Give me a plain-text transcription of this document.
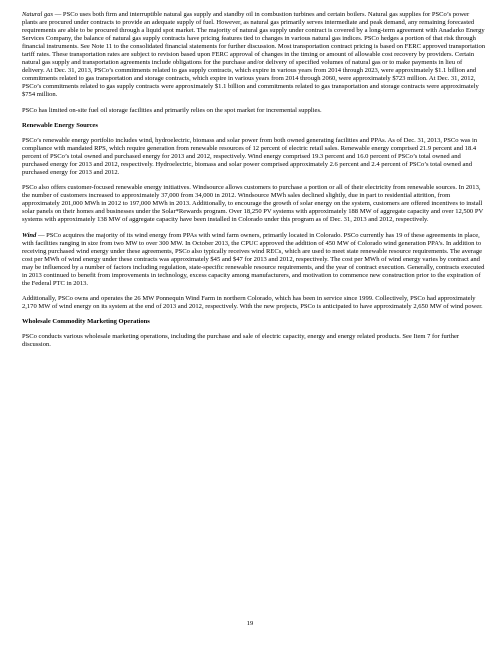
Natural gas — PSCo uses both firm and interruptible natural gas supply and standby oil in combustion turbines and certain boilers. Natural gas supplies for PSCo’s power plants are procured under contracts to provide an adequate supply of fuel. However, as natural gas primarily serves intermediate and peak demand, any remaining forecasted requirements are able to be procured through a liquid spot market. The majority of natural gas supply under contract is covered by a long-term agreement with Anadarko Energy Services Company, the balance of natural gas supply contracts have pricing features tied to changes in various natural gas indices. PSCo hedges a portion of that risk through financial instruments. See Note 11 to the consolidated financial statements for further discussion. Most transportation contract pricing is based on FERC approved transportation tariff rates. These transportation rates are subject to revision based upon FERC approval of changes in the timing or amount of allowable cost recovery by providers. Certain natural gas supply and transportation agreements include obligations for the purchase and/or delivery of specified volumes of natural gas or to make payments in lieu of delivery. At Dec. 31, 2013, PSCo’s commitments related to gas supply contracts, which expire in various years from 2014 through 2023, were approximately $1.1 billion and commitments related to gas transportation and storage contracts, which expire in various years from 2014 through 2060, were approximately $723 million. At Dec. 31, 2012, PSCo’s commitments related to gas supply contracts were approximately $1.1 billion and commitments related to gas transportation and storage contracts were approximately $754 million.

PSCo has limited on-site fuel oil storage facilities and primarily relies on the spot market for incremental supplies.

Renewable Energy Sources

PSCo’s renewable energy portfolio includes wind, hydroelectric, biomass and solar power from both owned generating facilities and PPAs. As of Dec. 31, 2013, PSCo was in compliance with mandated RPS, which require generation from renewable resources of 12 percent of electric retail sales. Renewable energy comprised 21.9 percent and 18.4 percent of PSCo’s total owned and purchased energy for 2013 and 2012, respectively. Wind energy comprised 19.3 percent and 16.0 percent of PSCo’s total owned and purchased energy for 2013 and 2012, respectively. Hydroelectric, biomass and solar power comprised approximately 2.6 percent and 2.4 percent of PSCo’s total owned and purchased energy for 2013 and 2012.

PSCo also offers customer-focused renewable energy initiatives. Windsource allows customers to purchase a portion or all of their electricity from renewable sources. In 2013, the number of customers increased to approximately 37,000 from 34,000 in 2012. Windsource MWh sales declined slightly, due in part to residential attrition, from approximately 201,000 MWh in 2012 to 197,000 MWh in 2013. Additionally, to encourage the growth of solar energy on the system, customers are offered incentives to install solar panels on their homes and businesses under the Solar*Rewards program. Over 18,250 PV systems with approximately 188 MW of aggregate capacity and over 12,500 PV systems with approximately 138 MW of aggregate capacity have been installed in Colorado under this program as of Dec. 31, 2013 and 2012, respectively.

Wind — PSCo acquires the majority of its wind energy from PPAs with wind farm owners, primarily located in Colorado. PSCo currently has 19 of these agreements in place, with facilities ranging in size from two MW to over 300 MW. In October 2013, the CPUC approved the addition of 450 MW of Colorado wind generation PPA’s. In addition to receiving purchased wind energy under these agreements, PSCo also typically receives wind RECs, which are used to meet state renewable resource requirements. The average cost per MWh of wind energy under these contracts was approximately $45 and $47 for 2013 and 2012, respectively. The cost per MWh of wind energy varies by contract and may be influenced by a number of factors including regulation, state-specific renewable resource requirements, and the year of contract execution. Generally, contracts executed in 2013 continued to benefit from improvements in technology, excess capacity among manufacturers, and motivation to commence new construction prior to the expiration of the Federal PTC in 2013.

Additionally, PSCo owns and operates the 26 MW Ponnequin Wind Farm in northern Colorado, which has been in service since 1999. Collectively, PSCo had approximately 2,170 MW of wind energy on its system at the end of 2013 and 2012, respectively. With the new projects, PSCo is anticipated to have approximately 2,650 MW of wind power.

Wholesale Commodity Marketing Operations

PSCo conducts various wholesale marketing operations, including the purchase and sale of electric capacity, energy and energy related products. See Item 7 for further discussion.

19
